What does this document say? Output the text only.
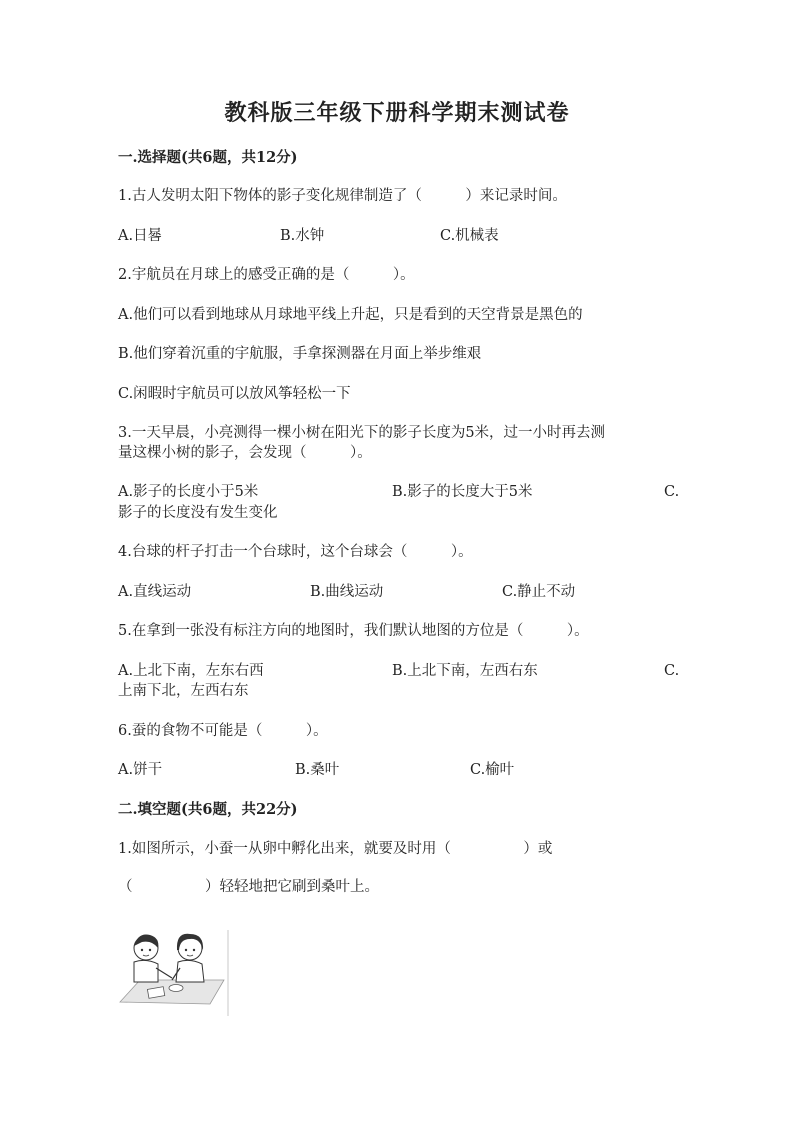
教科版三年级下册科学期末测试卷
一.选择题(共6题，共12分)
1.古人发明太阳下物体的影子变化规律制造了（　　　）来记录时间。
A.日晷	B.水钟	C.机械表
2.宇航员在月球上的感受正确的是（　　　）。
A.他们可以看到地球从月球地平线上升起，只是看到的天空背景是黑色的
B.他们穿着沉重的宇航服，手拿探测器在月面上举步维艰
C.闲暇时宇航员可以放风筝轻松一下
3.一天早晨，小亮测得一棵小树在阳光下的影子长度为5米，过一小时再去测
量这棵小树的影子，会发现（　　　）。
A.影子的长度小于5米	B.影子的长度大于5米	C.
影子的长度没有发生变化
4.台球的杆子打击一个台球时，这个台球会（　　　）。
A.直线运动	B.曲线运动	C.静止不动
5.在拿到一张没有标注方向的地图时，我们默认地图的方位是（　　　）。
A.上北下南，左东右西	B.上北下南，左西右东	C.
上南下北，左西右东
6.蚕的食物不可能是（　　　）。
A.饼干	B.桑叶	C.榆叶
二.填空题(共6题，共22分)
1.如图所示，小蚕一从卵中孵化出来，就要及时用（　　　　　）或
（　　　　　）轻轻地把它刷到桑叶上。
